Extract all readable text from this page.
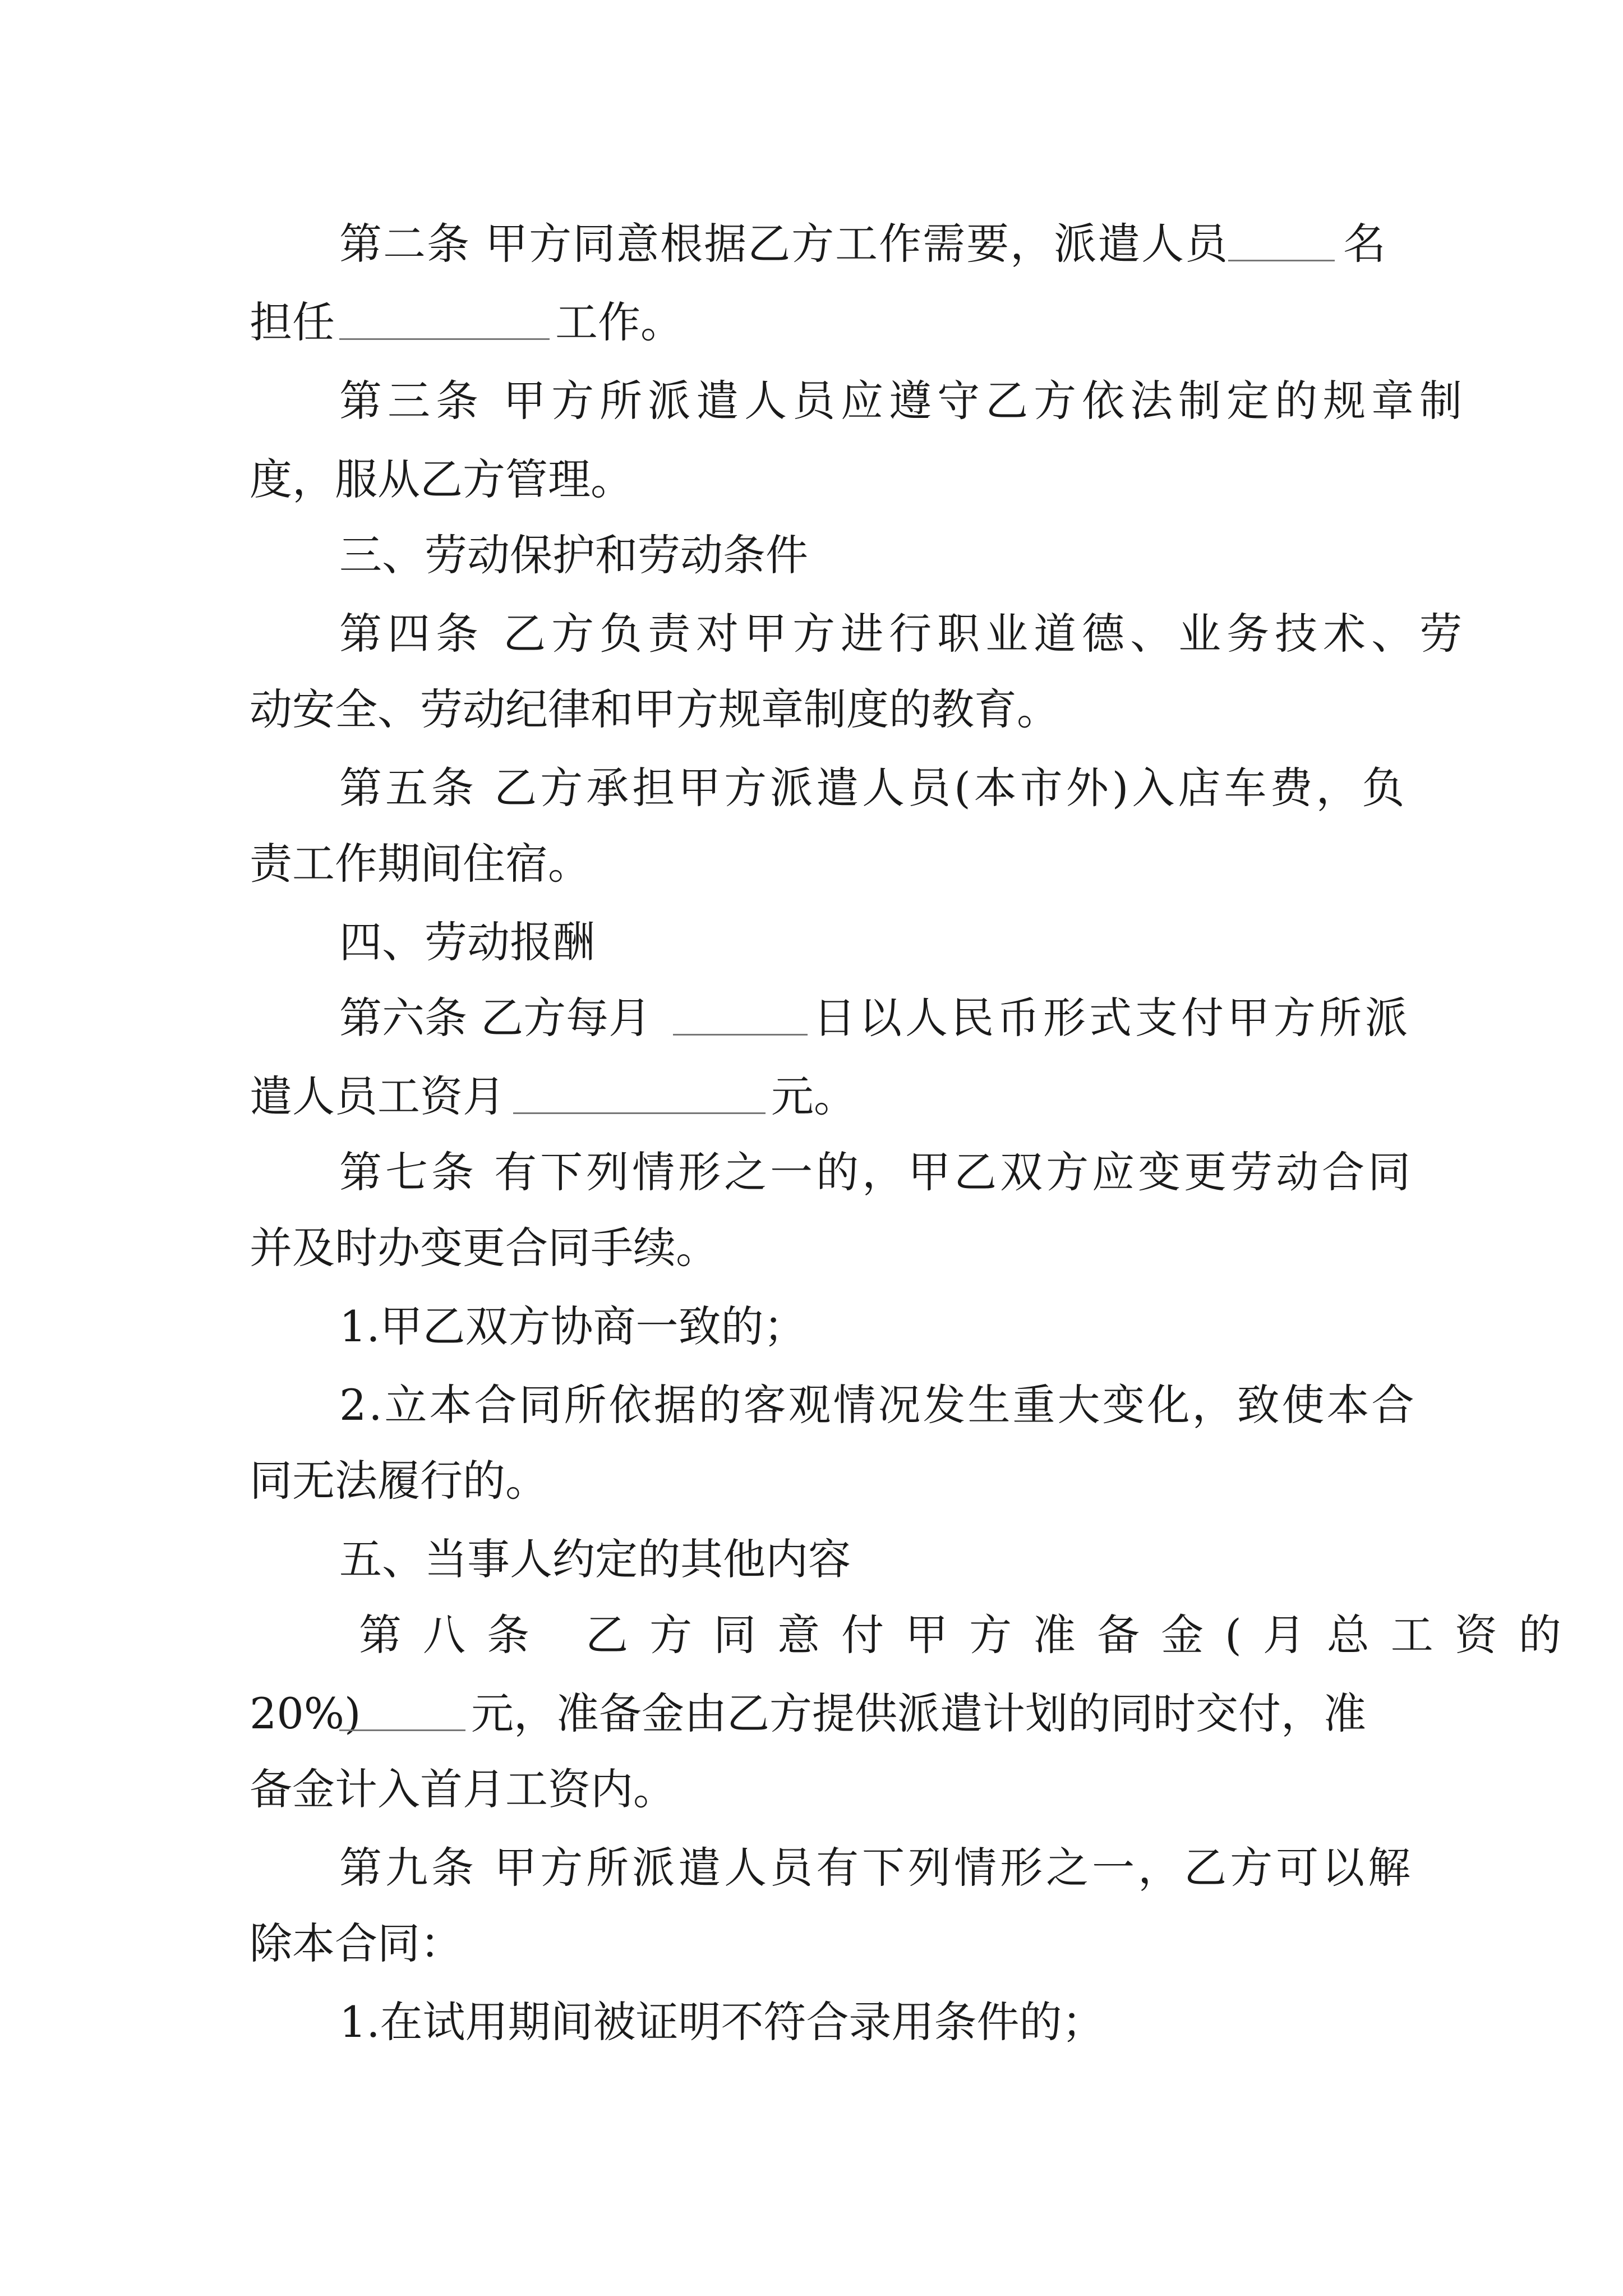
第二条 甲方同意根据乙方工作需要，派遣人员	名

担任	工作。

第三条 甲方所派遣人员应遵守乙方依法制定的规章制

度，服从乙方管理。

三、劳动保护和劳动条件

第四条 乙方负责对甲方进行职业道德、业务技术、劳

动安全、劳动纪律和甲方规章制度的教育。

第五条 乙方承担甲方派遣人员(本市外)入店车费，负

责工作期间住宿。

四、劳动报酬

第六条 乙方每月	日以人民币形式支付甲方所派

遣人员工资月	元。

第七条 有下列情形之一的，甲乙双方应变更劳动合同

并及时办变更合同手续。

1.甲乙双方协商一致的；

2.立本合同所依据的客观情况发生重大变化，致使本合

同无法履行的。

五、当事人约定的其他内容

第八条 乙方同意付甲方准备金(月总工资的

20%)	元，准备金由乙方提供派遣计划的同时交付，准

备金计入首月工资内。

第九条 甲方所派遣人员有下列情形之一，乙方可以解

除本合同：

1.在试用期间被证明不符合录用条件的；
